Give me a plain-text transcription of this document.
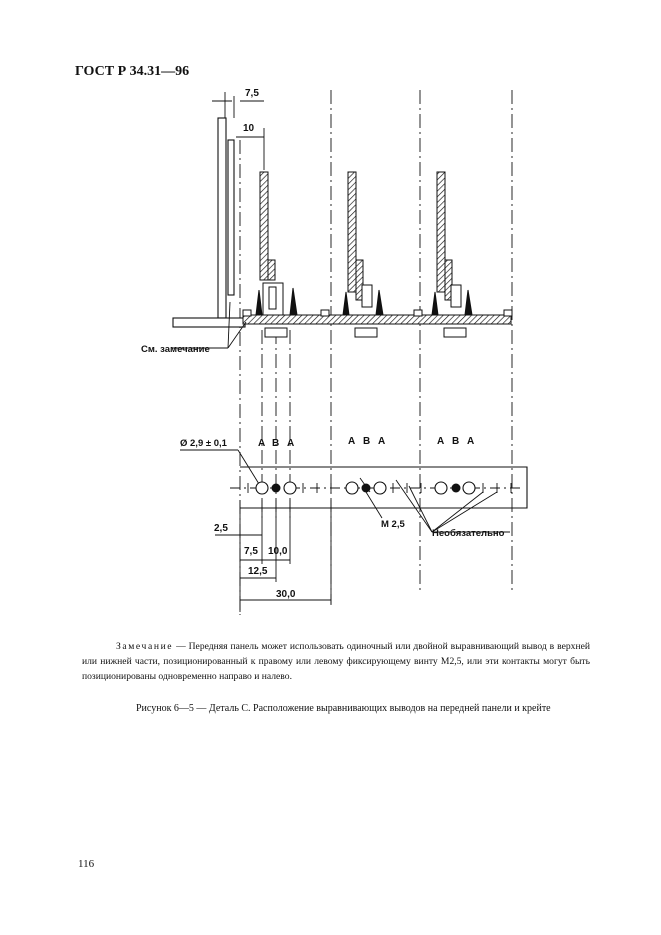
ГОСТ Р 34.31—96
7,5
10
См. замечание
A B A	A B A	A B A
Ø 2,9 ± 0,1
М 2,5
Необязательно
2,5
7,5 10,0
12,5
30,0
Замечание — Передняя панель может использовать одиночный или двойной выравнивающий вывод в верхней или нижней части, позиционированный к правому или левому фиксирующему винту M2,5, или эти контакты могут быть позиционированы одновременно направо и налево.
Рисунок 6—5 — Деталь С. Расположение выравнивающих выводов на передней панели и крейте
116
